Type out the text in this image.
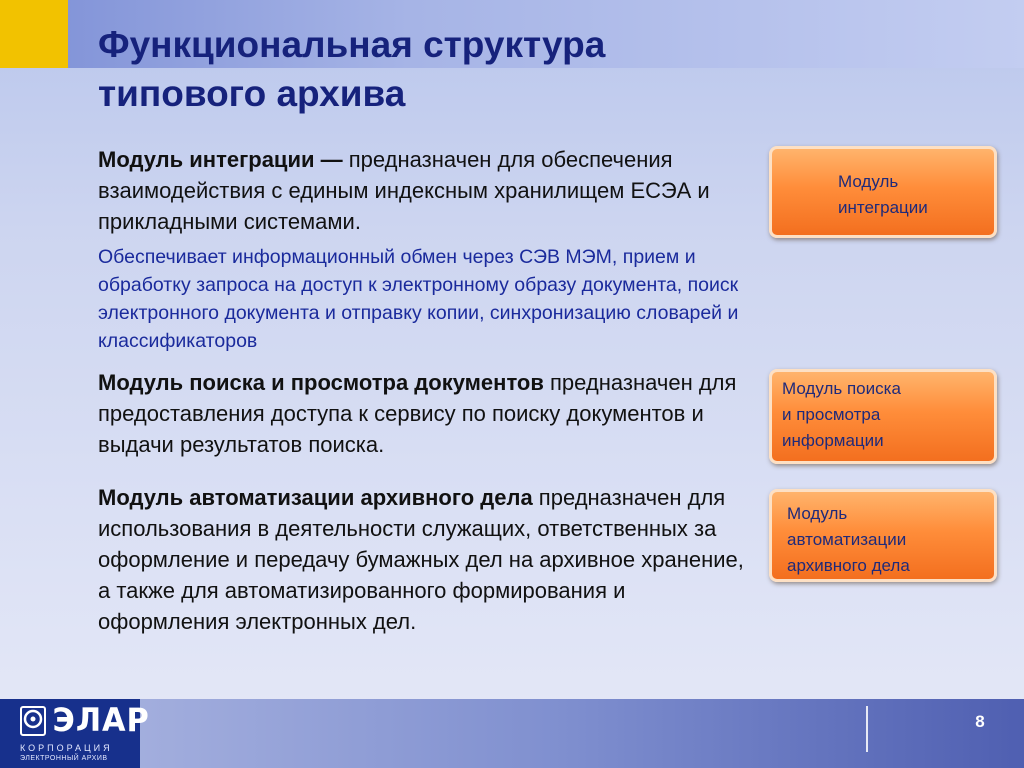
Функциональная структура
типового архива

Модуль интеграции — предназначен для обеспечения взаимодействия с единым индексным хранилищем ЕСЭА и прикладными системами.

Обеспечивает информационный обмен через СЭВ МЭМ, прием и обработку запроса на доступ к электронному образу документа, поиск электронного документа и отправку копии, синхронизацию словарей и классификаторов

Модуль поиска и просмотра документов предназначен для предоставления доступа к сервису по поиску документов и выдачи результатов поиска.

Модуль автоматизации архивного дела предназначен для использования в деятельности служащих, ответственных за оформление и передачу бумажных дел на архивное хранение, а также для автоматизированного формирования и оформления электронных дел.

Модуль
интеграции
Модуль поиска
и просмотра
информации
Модуль
автоматизации
архивного дела
ЭЛАР
КОРПОРАЦИЯ
ЭЛЕКТРОННЫЙ АРХИВ
8
